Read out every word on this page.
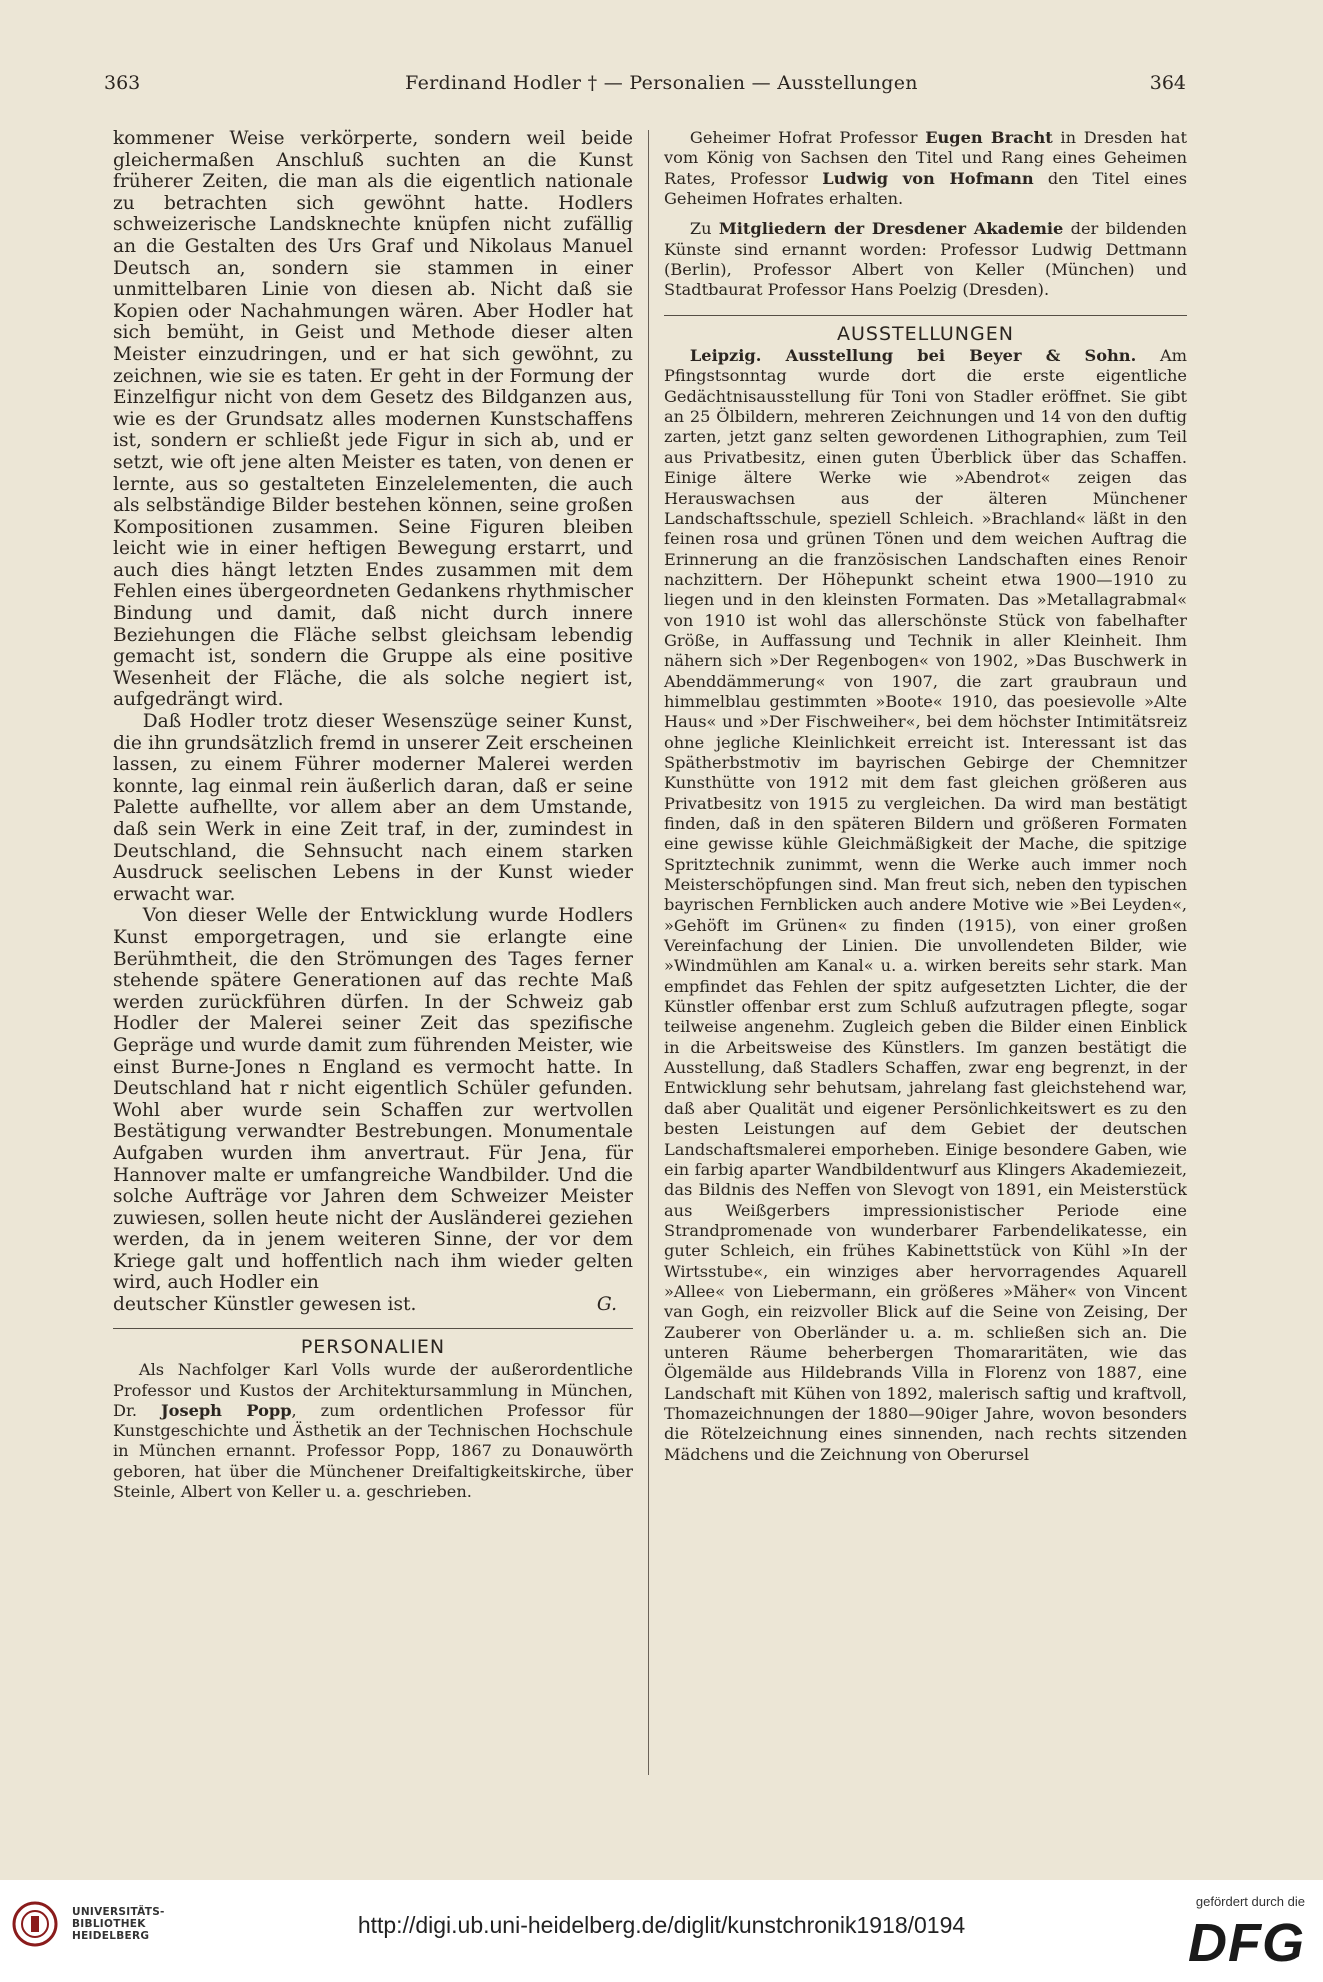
363	Ferdinand Hodler † — Personalien — Ausstellungen	364

kommener Weise verkörperte, sondern weil beide gleichermaßen Anschluß suchten an die Kunst früherer Zeiten, die man als die eigentlich nationale zu betrachten sich gewöhnt hatte. Hodlers schweizerische Landsknechte knüpfen nicht zufällig an die Gestalten des Urs Graf und Nikolaus Manuel Deutsch an, sondern sie stammen in einer unmittelbaren Linie von diesen ab. Nicht daß sie Kopien oder Nachahmungen wären. Aber Hodler hat sich bemüht, in Geist und Methode dieser alten Meister einzudringen, und er hat sich gewöhnt, zu zeichnen, wie sie es taten. Er geht in der Formung der Einzelfigur nicht von dem Gesetz des Bildganzen aus, wie es der Grundsatz alles modernen Kunstschaffens ist, sondern er schließt jede Figur in sich ab, und er setzt, wie oft jene alten Meister es taten, von denen er lernte, aus so gestalteten Einzelelementen, die auch als selbständige Bilder bestehen können, seine großen Kompositionen zusammen. Seine Figuren bleiben leicht wie in einer heftigen Bewegung erstarrt, und auch dies hängt letzten Endes zusammen mit dem Fehlen eines übergeordneten Gedankens rhythmischer Bindung und damit, daß nicht durch innere Beziehungen die Fläche selbst gleichsam lebendig gemacht ist, sondern die Gruppe als eine positive Wesenheit der Fläche, die als solche negiert ist, aufgedrängt wird.

Daß Hodler trotz dieser Wesenszüge seiner Kunst, die ihn grundsätzlich fremd in unserer Zeit erscheinen lassen, zu einem Führer moderner Malerei werden konnte, lag einmal rein äußerlich daran, daß er seine Palette aufhellte, vor allem aber an dem Umstande, daß sein Werk in eine Zeit traf, in der, zumindest in Deutschland, die Sehnsucht nach einem starken Ausdruck seelischen Lebens in der Kunst wieder erwacht war.

Von dieser Welle der Entwicklung wurde Hodlers Kunst emporgetragen, und sie erlangte eine Berühmtheit, die den Strömungen des Tages ferner stehende spätere Generationen auf das rechte Maß werden zurückführen dürfen. In der Schweiz gab Hodler der Malerei seiner Zeit das spezifische Gepräge und wurde damit zum führenden Meister, wie einst Burne-Jones n England es vermocht hatte. In Deutschland hat r nicht eigentlich Schüler gefunden. Wohl aber wurde sein Schaffen zur wertvollen Bestätigung verwandter Bestrebungen. Monumentale Aufgaben wurden ihm anvertraut. Für Jena, für Hannover malte er umfangreiche Wandbilder. Und die solche Aufträge vor Jahren dem Schweizer Meister zuwiesen, sollen heute nicht der Ausländerei geziehen werden, da in jenem weiteren Sinne, der vor dem Kriege galt und hoffentlich nach ihm wieder gelten wird, auch Hodler ein

deutscher Künstler gewesen ist.	G.

PERSONALIEN

Als Nachfolger Karl Volls wurde der außerordentliche Professor und Kustos der Architektursammlung in München, Dr. Joseph Popp, zum ordentlichen Professor für Kunstgeschichte und Ästhetik an der Technischen Hochschule in München ernannt. Professor Popp, 1867 zu Donauwörth geboren, hat über die Münchener Dreifaltigkeitskirche, über Steinle, Albert von Keller u. a. geschrieben.

Geheimer Hofrat Professor Eugen Bracht in Dresden hat vom König von Sachsen den Titel und Rang eines Geheimen Rates, Professor Ludwig von Hofmann den Titel eines Geheimen Hofrates erhalten.

Zu Mitgliedern der Dresdener Akademie der bildenden Künste sind ernannt worden: Professor Ludwig Dettmann (Berlin), Professor Albert von Keller (München) und Stadtbaurat Professor Hans Poelzig (Dresden).

AUSSTELLUNGEN

Leipzig. Ausstellung bei Beyer & Sohn. Am Pfingstsonntag wurde dort die erste eigentliche Gedächtnisausstellung für Toni von Stadler eröffnet. Sie gibt an 25 Ölbildern, mehreren Zeichnungen und 14 von den duftig zarten, jetzt ganz selten gewordenen Lithographien, zum Teil aus Privatbesitz, einen guten Überblick über das Schaffen. Einige ältere Werke wie »Abendrot« zeigen das Herauswachsen aus der älteren Münchener Landschaftsschule, speziell Schleich. »Brachland« läßt in den feinen rosa und grünen Tönen und dem weichen Auftrag die Erinnerung an die französischen Landschaften eines Renoir nachzittern. Der Höhepunkt scheint etwa 1900—1910 zu liegen und in den kleinsten Formaten. Das »Metallagrabmal« von 1910 ist wohl das allerschönste Stück von fabelhafter Größe, in Auffassung und Technik in aller Kleinheit. Ihm nähern sich »Der Regenbogen« von 1902, »Das Buschwerk in Abenddämmerung« von 1907, die zart graubraun und himmelblau gestimmten »Boote« 1910, das poesievolle »Alte Haus« und »Der Fischweiher«, bei dem höchster Intimitätsreiz ohne jegliche Kleinlichkeit erreicht ist. Interessant ist das Spätherbstmotiv im bayrischen Gebirge der Chemnitzer Kunsthütte von 1912 mit dem fast gleichen größeren aus Privatbesitz von 1915 zu vergleichen. Da wird man bestätigt finden, daß in den späteren Bildern und größeren Formaten eine gewisse kühle Gleichmäßigkeit der Mache, die spitzige Spritztechnik zunimmt, wenn die Werke auch immer noch Meisterschöpfungen sind. Man freut sich, neben den typischen bayrischen Fernblicken auch andere Motive wie »Bei Leyden«, »Gehöft im Grünen« zu finden (1915), von einer großen Vereinfachung der Linien. Die unvollendeten Bilder, wie »Windmühlen am Kanal« u. a. wirken bereits sehr stark. Man empfindet das Fehlen der spitz aufgesetzten Lichter, die der Künstler offenbar erst zum Schluß aufzutragen pflegte, sogar teilweise angenehm. Zugleich geben die Bilder einen Einblick in die Arbeitsweise des Künstlers. Im ganzen bestätigt die Ausstellung, daß Stadlers Schaffen, zwar eng begrenzt, in der Entwicklung sehr behutsam, jahrelang fast gleichstehend war, daß aber Qualität und eigener Persönlichkeitswert es zu den besten Leistungen auf dem Gebiet der deutschen Landschaftsmalerei emporheben. Einige besondere Gaben, wie ein farbig aparter Wandbildentwurf aus Klingers Akademiezeit, das Bildnis des Neffen von Slevogt von 1891, ein Meisterstück aus Weißgerbers impressionistischer Periode eine Strandpromenade von wunderbarer Farbendelikatesse, ein guter Schleich, ein frühes Kabinettstück von Kühl »In der Wirtsstube«, ein winziges aber hervorragendes Aquarell »Allee« von Liebermann, ein größeres »Mäher« von Vincent van Gogh, ein reizvoller Blick auf die Seine von Zeising, Der Zauberer von Oberländer u. a. m. schließen sich an. Die unteren Räume beherbergen Thomararitäten, wie das Ölgemälde aus Hildebrands Villa in Florenz von 1887, eine Landschaft mit Kühen von 1892, malerisch saftig und kraftvoll, Thomazeichnungen der 1880—90iger Jahre, wovon besonders die Rötelzeichnung eines sinnenden, nach rechts sitzenden Mädchens und die Zeichnung von Oberursel

UNIVERSITÄTS-
BIBLIOTHEK
HEIDELBERG	http://digi.ub.uni-heidelberg.de/diglit/kunstchronik1918/0194
gefördert durch die
DFG
